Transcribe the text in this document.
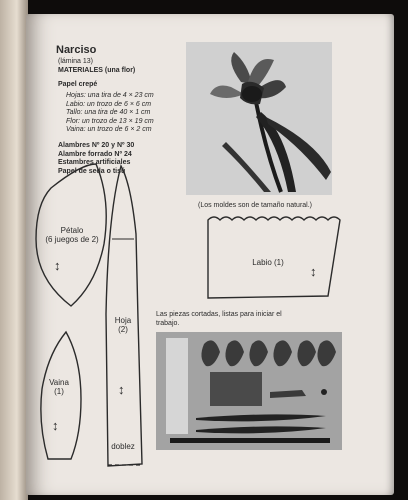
Narciso
(lámina 13)
MATERIALES (una flor)
Papel crepé
Hojas: una tira de 4 × 23 cm
Labio: un trozo de 6 × 6 cm
Tallo: una tira de 40 × 1 cm
Flor: un trozo de 13 × 19 cm
Vaina: un trozo de 6 × 2 cm
Alambres Nº 20 y Nº 30
Alambre forrado Nº 24
Estambres artificiales
Papel de seda o tisú
(Los moldes son de tamaño natural.)
Pétalo
(6 juegos de 2)
↕
Hoja
(2)
↕
Vaina
(1)
↕
doblez
Labio (1)
↕
Las piezas cortadas, listas para iniciar el trabajo.
